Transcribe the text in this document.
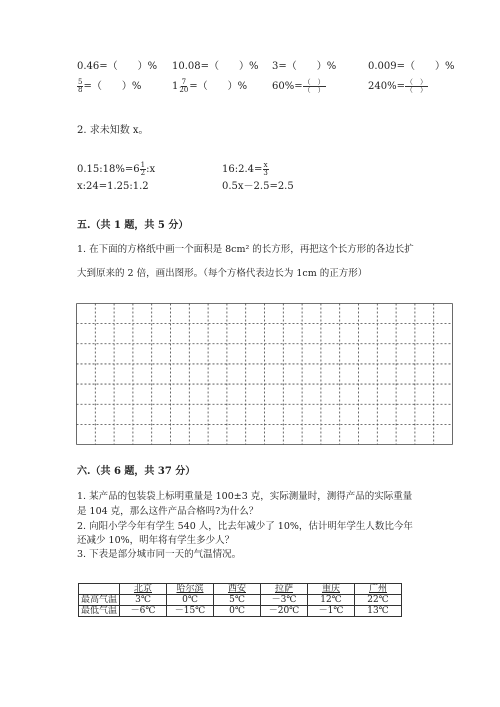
0.46=（　　）% 10.08=（　　）% 3=（　　）%	0.009=（　　）%
$\frac{5}{8}$ =（　　）%	$1 \frac{7}{20}$ =（　　）% $60\%= \frac{( )}{( )}$	$240\%= \frac{( )}{( )}$
2. 求未知数 x。
0.15:18%=6 $\frac{1}{2}$ :x	16:2.4= $\frac{x}{3}$
x:24=1.25:1.2	0.5x－2.5=2.5
五.（共 1 题，共 5 分）
1. 在下面的方格纸中画一个面积是 8cm² 的长方形，再把这个长方形的各边长扩
大到原来的 2 倍，画出图形。（每个方格代表边长为 1cm 的正方形）
六.（共 6 题，共 37 分）
1. 某产品的包装袋上标明重量是 100±3 克，实际测量时，测得产品的实际重量
是 104 克，那么这件产品合格吗?为什么？
2. 向阳小学今年有学生 540 人，比去年减少了 10%，估计明年学生人数比今年
还减少 10%，明年将有学生多少人？
3. 下表是部分城市同一天的气温情况。
	北京	哈尔滨	西安	拉萨	重庆	广州
最高气温	3℃	0℃	5℃	－3℃	12℃	22℃
最低气温	－6℃	－15℃	0℃	－20℃	－1℃	13℃
